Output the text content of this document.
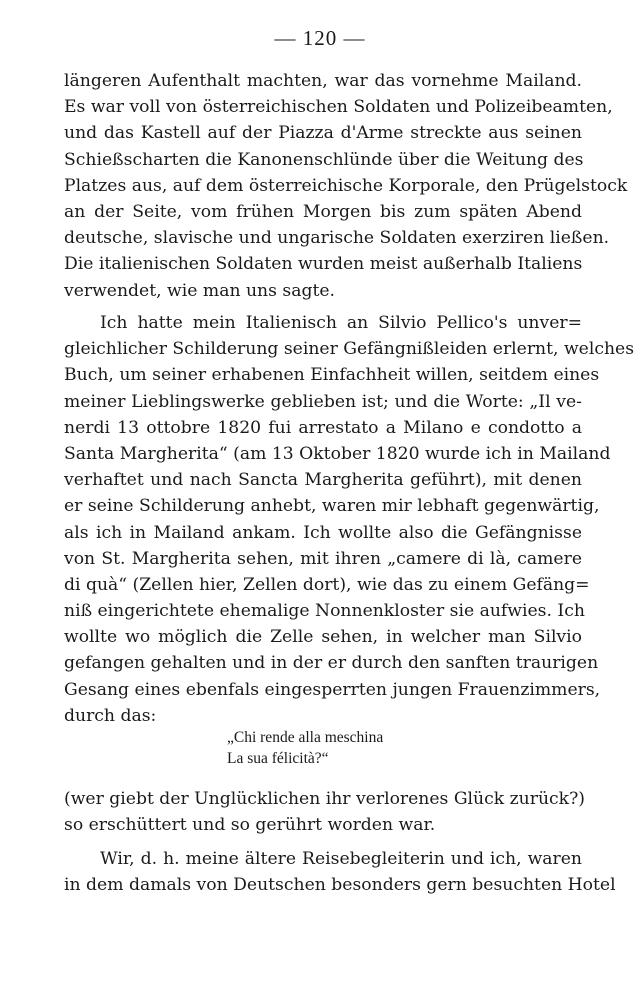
— 120 —
längeren Aufenthalt machten, war das vornehme Mailand.
Es war voll von österreichischen Soldaten und Polizeibeamten,
und das Kastell auf der Piazza d'Arme streckte aus seinen
Schießscharten die Kanonenschlünde über die Weitung des
Platzes aus, auf dem österreichische Korporale, den Prügelstock
an der Seite, vom frühen Morgen bis zum späten Abend
deutsche, slavische und ungarische Soldaten exerziren ließen.
Die italienischen Soldaten wurden meist außerhalb Italiens
verwendet, wie man uns sagte.
Ich hatte mein Italienisch an Silvio Pellico's unver=
gleichlicher Schilderung seiner Gefängnißleiden erlernt, welches
Buch, um seiner erhabenen Einfachheit willen, seitdem eines
meiner Lieblingswerke geblieben ist; und die Worte: „Il ve-
nerdi 13 ottobre 1820 fui arrestato a Milano e condotto a
Santa Margherita“ (am 13 Oktober 1820 wurde ich in Mailand
verhaftet und nach Sancta Margherita geführt), mit denen
er seine Schilderung anhebt, waren mir lebhaft gegenwärtig,
als ich in Mailand ankam. Ich wollte also die Gefängnisse
von St. Margherita sehen, mit ihren „camere di là, camere
di quà“ (Zellen hier, Zellen dort), wie das zu einem Gefäng=
niß eingerichtete ehemalige Nonnenkloster sie aufwies. Ich
wollte wo möglich die Zelle sehen, in welcher man Silvio
gefangen gehalten und in der er durch den sanften traurigen
Gesang eines ebenfals eingesperrten jungen Frauenzimmers,
durch das:
„Chi rende alla meschina
La sua félicità?“
(wer giebt der Unglücklichen ihr verlorenes Glück zurück?)
so erschüttert und so gerührt worden war.
Wir, d. h. meine ältere Reisebegleiterin und ich, waren
in dem damals von Deutschen besonders gern besuchten Hotel
